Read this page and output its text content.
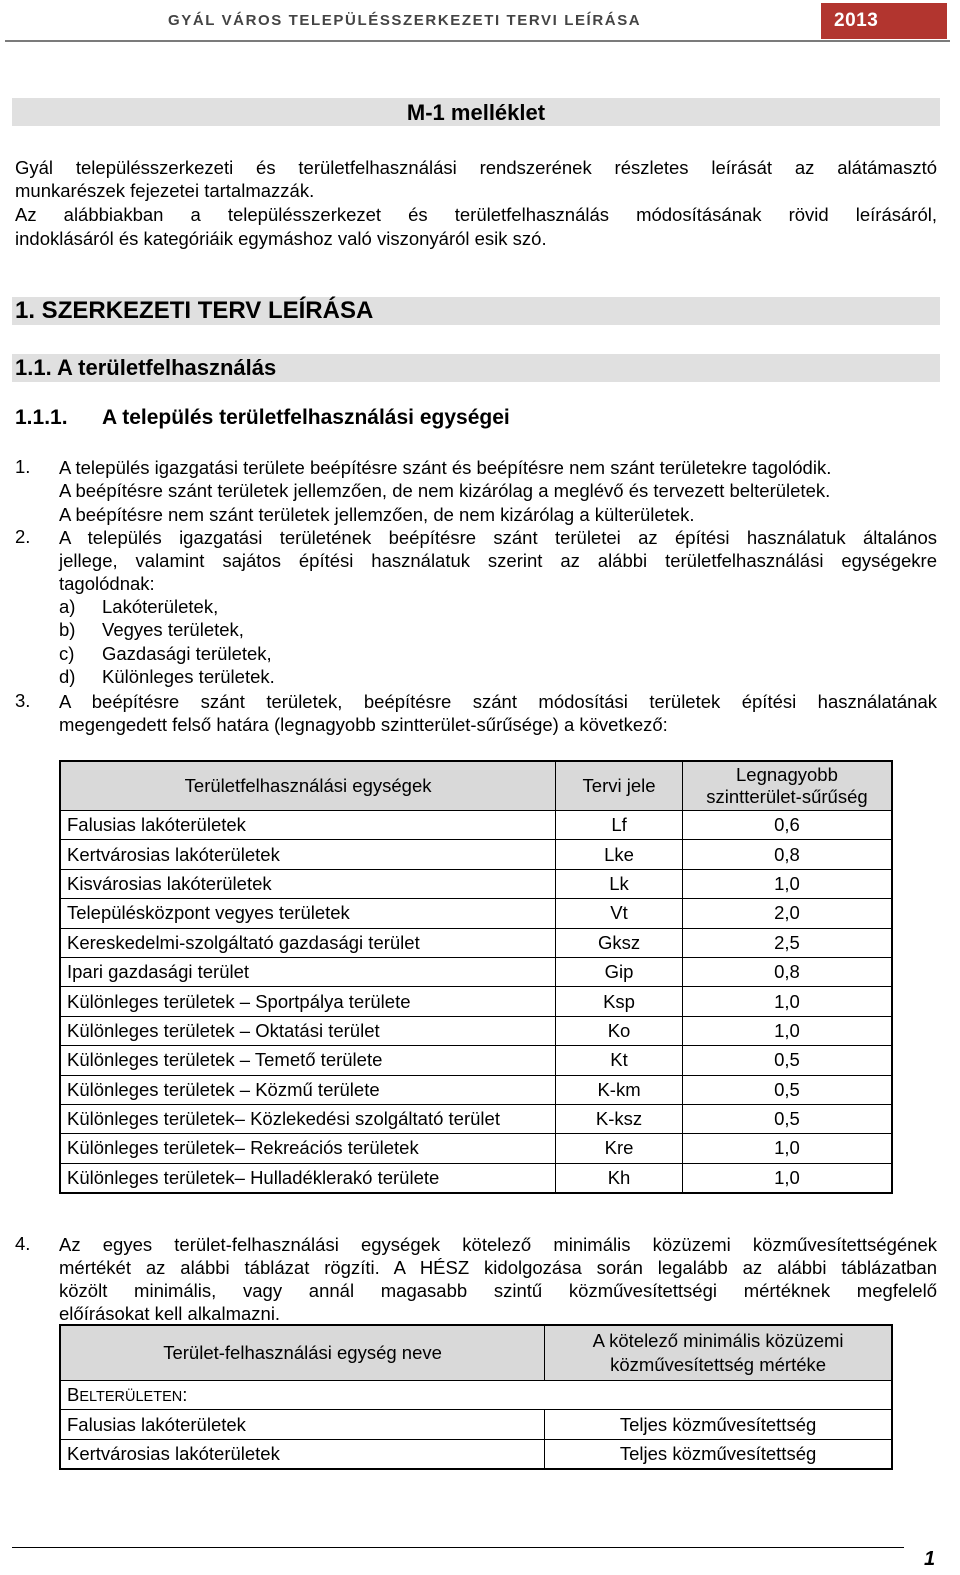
GYÁL VÁROS TELEPÜLÉSSZERKEZETI TERVI LEÍRÁSA	2013
M-1 melléklet
Gyál településszerkezeti és területfelhasználási rendszerének részletes leírását az alátámasztó
munkarészek fejezetei tartalmazzák.
Az alábbiakban a településszerkezet és területfelhasználás módosításának rövid leírásáról,
indoklásáról és kategóriáik egymáshoz való viszonyáról esik szó.
1. SZERKEZETI TERV LEÍRÁSA
1.1. A területfelhasználás
1.1.1. A település területfelhasználási egységei
1. A település igazgatási területe beépítésre szánt és beépítésre nem szánt területekre tagolódik.
A beépítésre szánt területek jellemzően, de nem kizárólag a meglévő és tervezett belterületek.
A beépítésre nem szánt területek jellemzően, de nem kizárólag a külterületek.
2. A település igazgatási területének beépítésre szánt területei az építési használatuk általános
jellege, valamint sajátos építési használatuk szerint az alábbi területfelhasználási egységekre
tagolódnak:
a) Lakóterületek,
b) Vegyes területek,
c) Gazdasági területek,
d) Különleges területek.
3. A beépítésre szánt területek, beépítésre szánt módosítási területek építési használatának
megengedett felső határa (legnagyobb szintterület-sűrűsége) a következő:
Területfelhasználási egységek	Tervi jele	Legnagyobb
szintterület-sűrűség

Falusias lakóterületek	Lf	0,6
Kertvárosias lakóterületek	Lke	0,8
Kisvárosias lakóterületek	Lk	1,0
Településközpont vegyes területek	Vt	2,0
Kereskedelmi-szolgáltató gazdasági terület	Gksz	2,5
Ipari gazdasági terület	Gip	0,8
Különleges területek – Sportpálya területe	Ksp	1,0
Különleges területek – Oktatási terület	Ko	1,0
Különleges területek – Temető területe	Kt	0,5
Különleges területek – Közmű területe	K-km	0,5
Különleges területek– Közlekedési szolgáltató terület	K-ksz	0,5
Különleges területek– Rekreációs területek	Kre	1,0
Különleges területek– Hulladéklerakó területe	Kh	1,0
4. Az egyes terület-felhasználási egységek kötelező minimális közüzemi közművesítettségének
mértékét az alábbi táblázat rögzíti. A HÉSZ kidolgozása során legalább az alábbi táblázatban
közölt minimális, vagy annál magasabb szintű közművesítettségi mértéknek megfelelő
előírásokat kell alkalmazni.
Terület-felhasználási egység neve	A kötelező minimális közüzemi
közművesítettség mértéke

BELTERÜLETEN:	
Falusias lakóterületek	Teljes közművesítettség
Kertvárosias lakóterületek	Teljes közművesítettség
1
